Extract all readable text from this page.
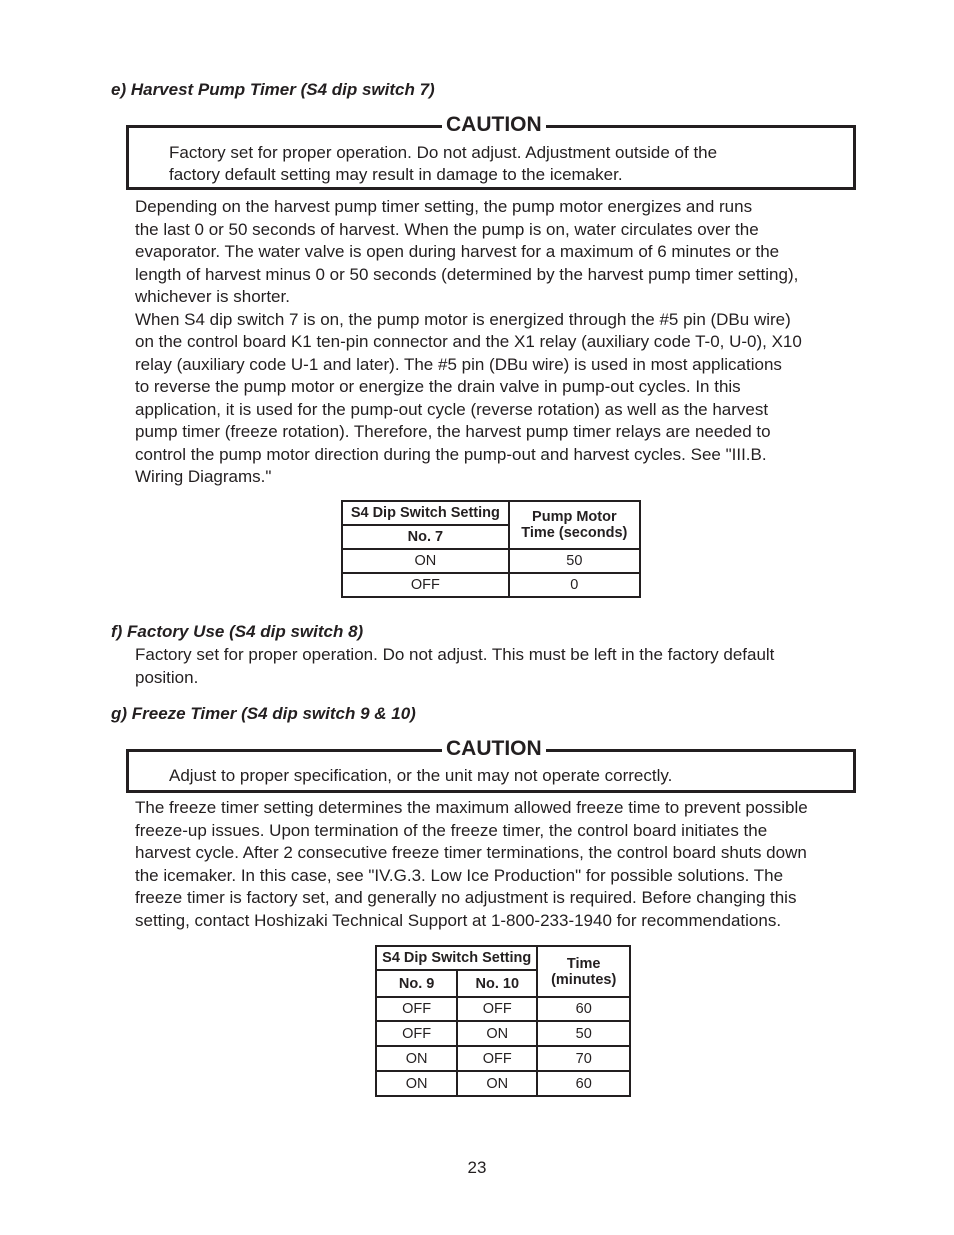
e) Harvest Pump Timer (S4 dip switch 7)
CAUTION
Factory set for proper operation. Do not adjust. Adjustment outside of the
factory default setting may result in damage to the icemaker.
Depending on the harvest pump timer setting, the pump motor energizes and runs
the last 0 or 50 seconds of harvest. When the pump is on, water circulates over the
evaporator. The water valve is open during harvest for a maximum of 6 minutes or the
length of harvest minus 0 or 50 seconds (determined by the harvest pump timer setting),
whichever is shorter.
When S4 dip switch 7 is on, the pump motor is energized through the #5 pin (DBu wire)
on the control board K1 ten-pin connector and the X1 relay (auxiliary code T-0, U-0), X10
relay (auxiliary code U-1 and later). The #5 pin (DBu wire) is used in most applications
to reverse the pump motor or energize the drain valve in pump-out cycles. In this
application, it is used for the pump-out cycle (reverse rotation) as well as the harvest
pump timer (freeze rotation). Therefore, the harvest pump timer relays are needed to
control the pump motor direction during the pump-out and harvest cycles. See "III.B.
Wiring Diagrams."
S4 Dip Switch Setting	Pump Motor
Time (seconds)

No. 7	
ON	50
OFF	0
f) Factory Use (S4 dip switch 8)
Factory set for proper operation. Do not adjust. This must be left in the factory default
position.
g) Freeze Timer (S4 dip switch 9 & 10)
CAUTION
Adjust to proper specification, or the unit may not operate correctly.
The freeze timer setting determines the maximum allowed freeze time to prevent possible
freeze-up issues. Upon termination of the freeze timer, the control board initiates the
harvest cycle. After 2 consecutive freeze timer terminations, the control board shuts down
the icemaker. In this case, see "IV.G.3. Low Ice Production" for possible solutions. The
freeze timer is factory set, and generally no adjustment is required. Before changing this
setting, contact Hoshizaki Technical Support at 1-800-233-1940 for recommendations.
S4 Dip Switch Setting		Time
(minutes)

No. 9	No. 10	
OFF	OFF	60
OFF	ON	50
ON	OFF	70
ON	ON	60
23
